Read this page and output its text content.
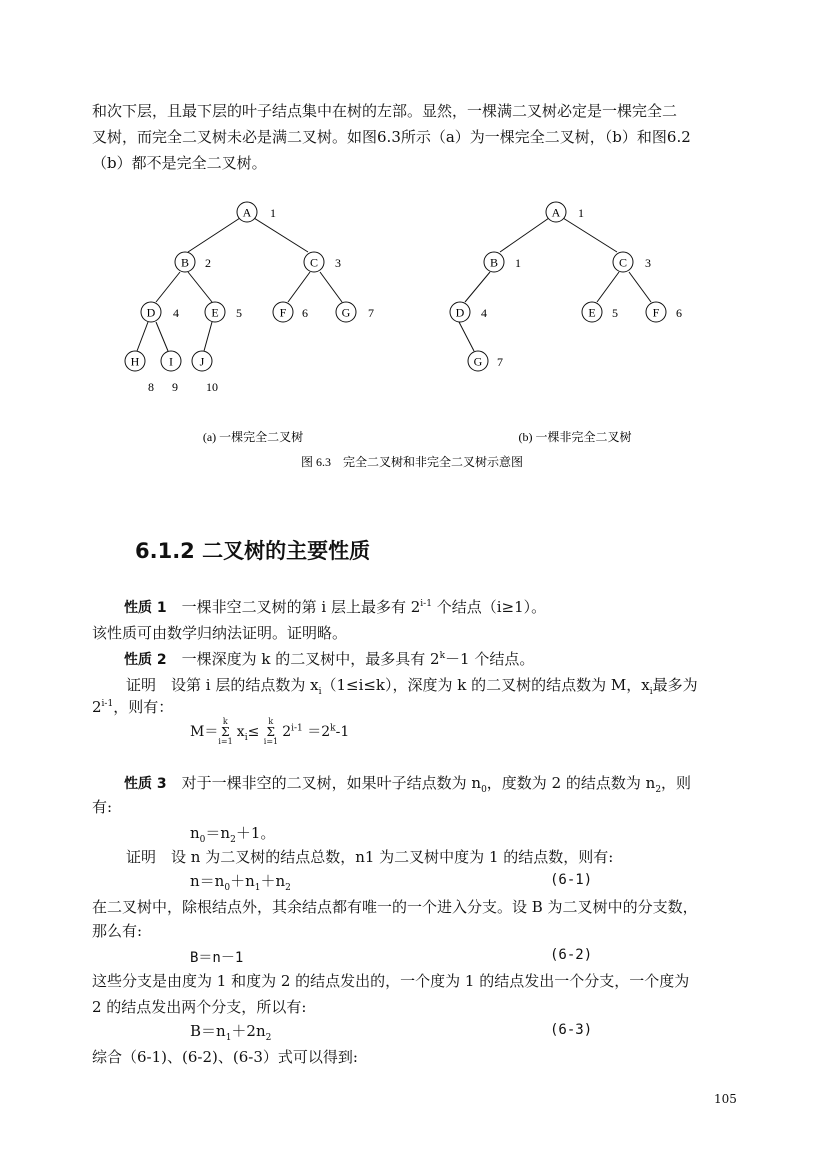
和次下层，且最下层的叶子结点集中在树的左部。显然，一棵满二叉树必定是一棵完全二
叉树，而完全二叉树未必是满二叉树。如图6.3所示（a）为一棵完全二叉树，（b）和图6.2
（b）都不是完全二叉树。
A 1
B 2	C 3
D 4	E 5	F 6	G 7
H
8
I
9
J
10
A 1
B 1	C 3
D 4	E 5	F 6
G 7
(a) 一棵完全二叉树	(b) 一棵非完全二叉树
图 6.3　完全二叉树和非完全二叉树示意图
6.1.2 二叉树的主要性质
性质 1　一棵非空二叉树的第 i 层上最多有 2$^{i-1}$ 个结点（i≥1）。
该性质可由数学归纳法证明。证明略。
性质 2　一棵深度为 k 的二叉树中，最多具有 $2^k-1$ 个结点。
证明　设第 i 层的结点数为 $x_i(1\le i\le k)$，深度为 k 的二叉树的结点数为 M，$x_i$最多为
2$^{i-1}$，则有：
M＝
k
Σ
i=1
$x_i\le$
k
Σ
i=1
$2^{i-1} =2^k-1$
性质 3　对于一棵非空的二叉树，如果叶子结点数为 $n_0$，度数为 2 的结点数为 $n_2$，则
有:
$n_0=n_2+1$。
证明　设 n 为二叉树的结点总数，n1 为二叉树中度为 1 的结点数，则有:
$n=n_0+n_1+n_2$	(6-1)
在二叉树中，除根结点外，其余结点都有唯一的一个进入分支。设 B 为二叉树中的分支数，
那么有:
B＝n－1	(6-2)
这些分支是由度为 1 和度为 2 的结点发出的，一个度为 1 的结点发出一个分支，一个度为
2 的结点发出两个分支，所以有:
$B=n_1+2n_2$	(6-3)
综合（6-1)、(6-2)、(6-3）式可以得到:
105
